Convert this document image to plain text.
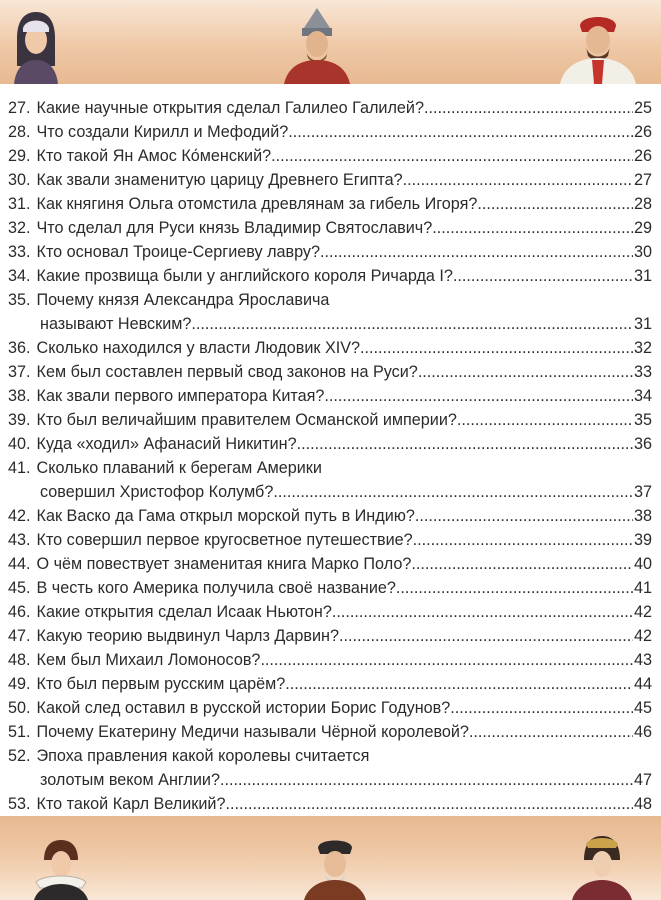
27. Какие научные открытия сделал Галилео Галилей? .....	25
28. Что создали Кирилл и Мефодий? .....	26
29. Кто такой Ян Амос Ко́менский? .....	26
30. Как звали знаменитую царицу Древнего Египта? .....	27
31. Как княгиня Ольга отомстила древлянам за гибель Игоря? .....	28
32. Что сделал для Руси князь Владимир Святославич? .....	29
33. Кто основал Троице-Сергиеву лавру? .....	30
34. Какие прозвища были у английского короля Ричарда I? .....	31
35. Почему князя Александра Ярославича
называют Невским? .....	31
36. Сколько находился у власти Людовик XIV? .....	32
37. Кем был составлен первый свод законов на Руси? .....	33
38. Как звали первого императора Китая? .....	34
39. Кто был величайшим правителем Османской империи? .....	35
40. Куда «ходил» Афанасий Никитин? .....	36
41. Сколько плаваний к берегам Америки
совершил Христофор Колумб? .....	37
42. Как Васко да Гама открыл морской путь в Индию? .....	38
43. Кто совершил первое кругосветное путешествие? .....	39
44. О чём повествует знаменитая книга Марко Поло? .....	40
45. В честь кого Америка получила своё название? .....	41
46. Какие открытия сделал Исаак Ньютон? .....	42
47. Какую теорию выдвинул Чарлз Дарвин? .....	42
48. Кем был Михаил Ломоносов? .....	43
49. Кто был первым русским царём? .....	44
50. Какой след оставил в русской истории Борис Годунов? .....	45
51. Почему Екатерину Медичи называли Чёрной королевой? .....	46
52. Эпоха правления какой королевы считается
золотым веком Англии? .....	47
53. Кто такой Карл Великий? .....	48
.....
